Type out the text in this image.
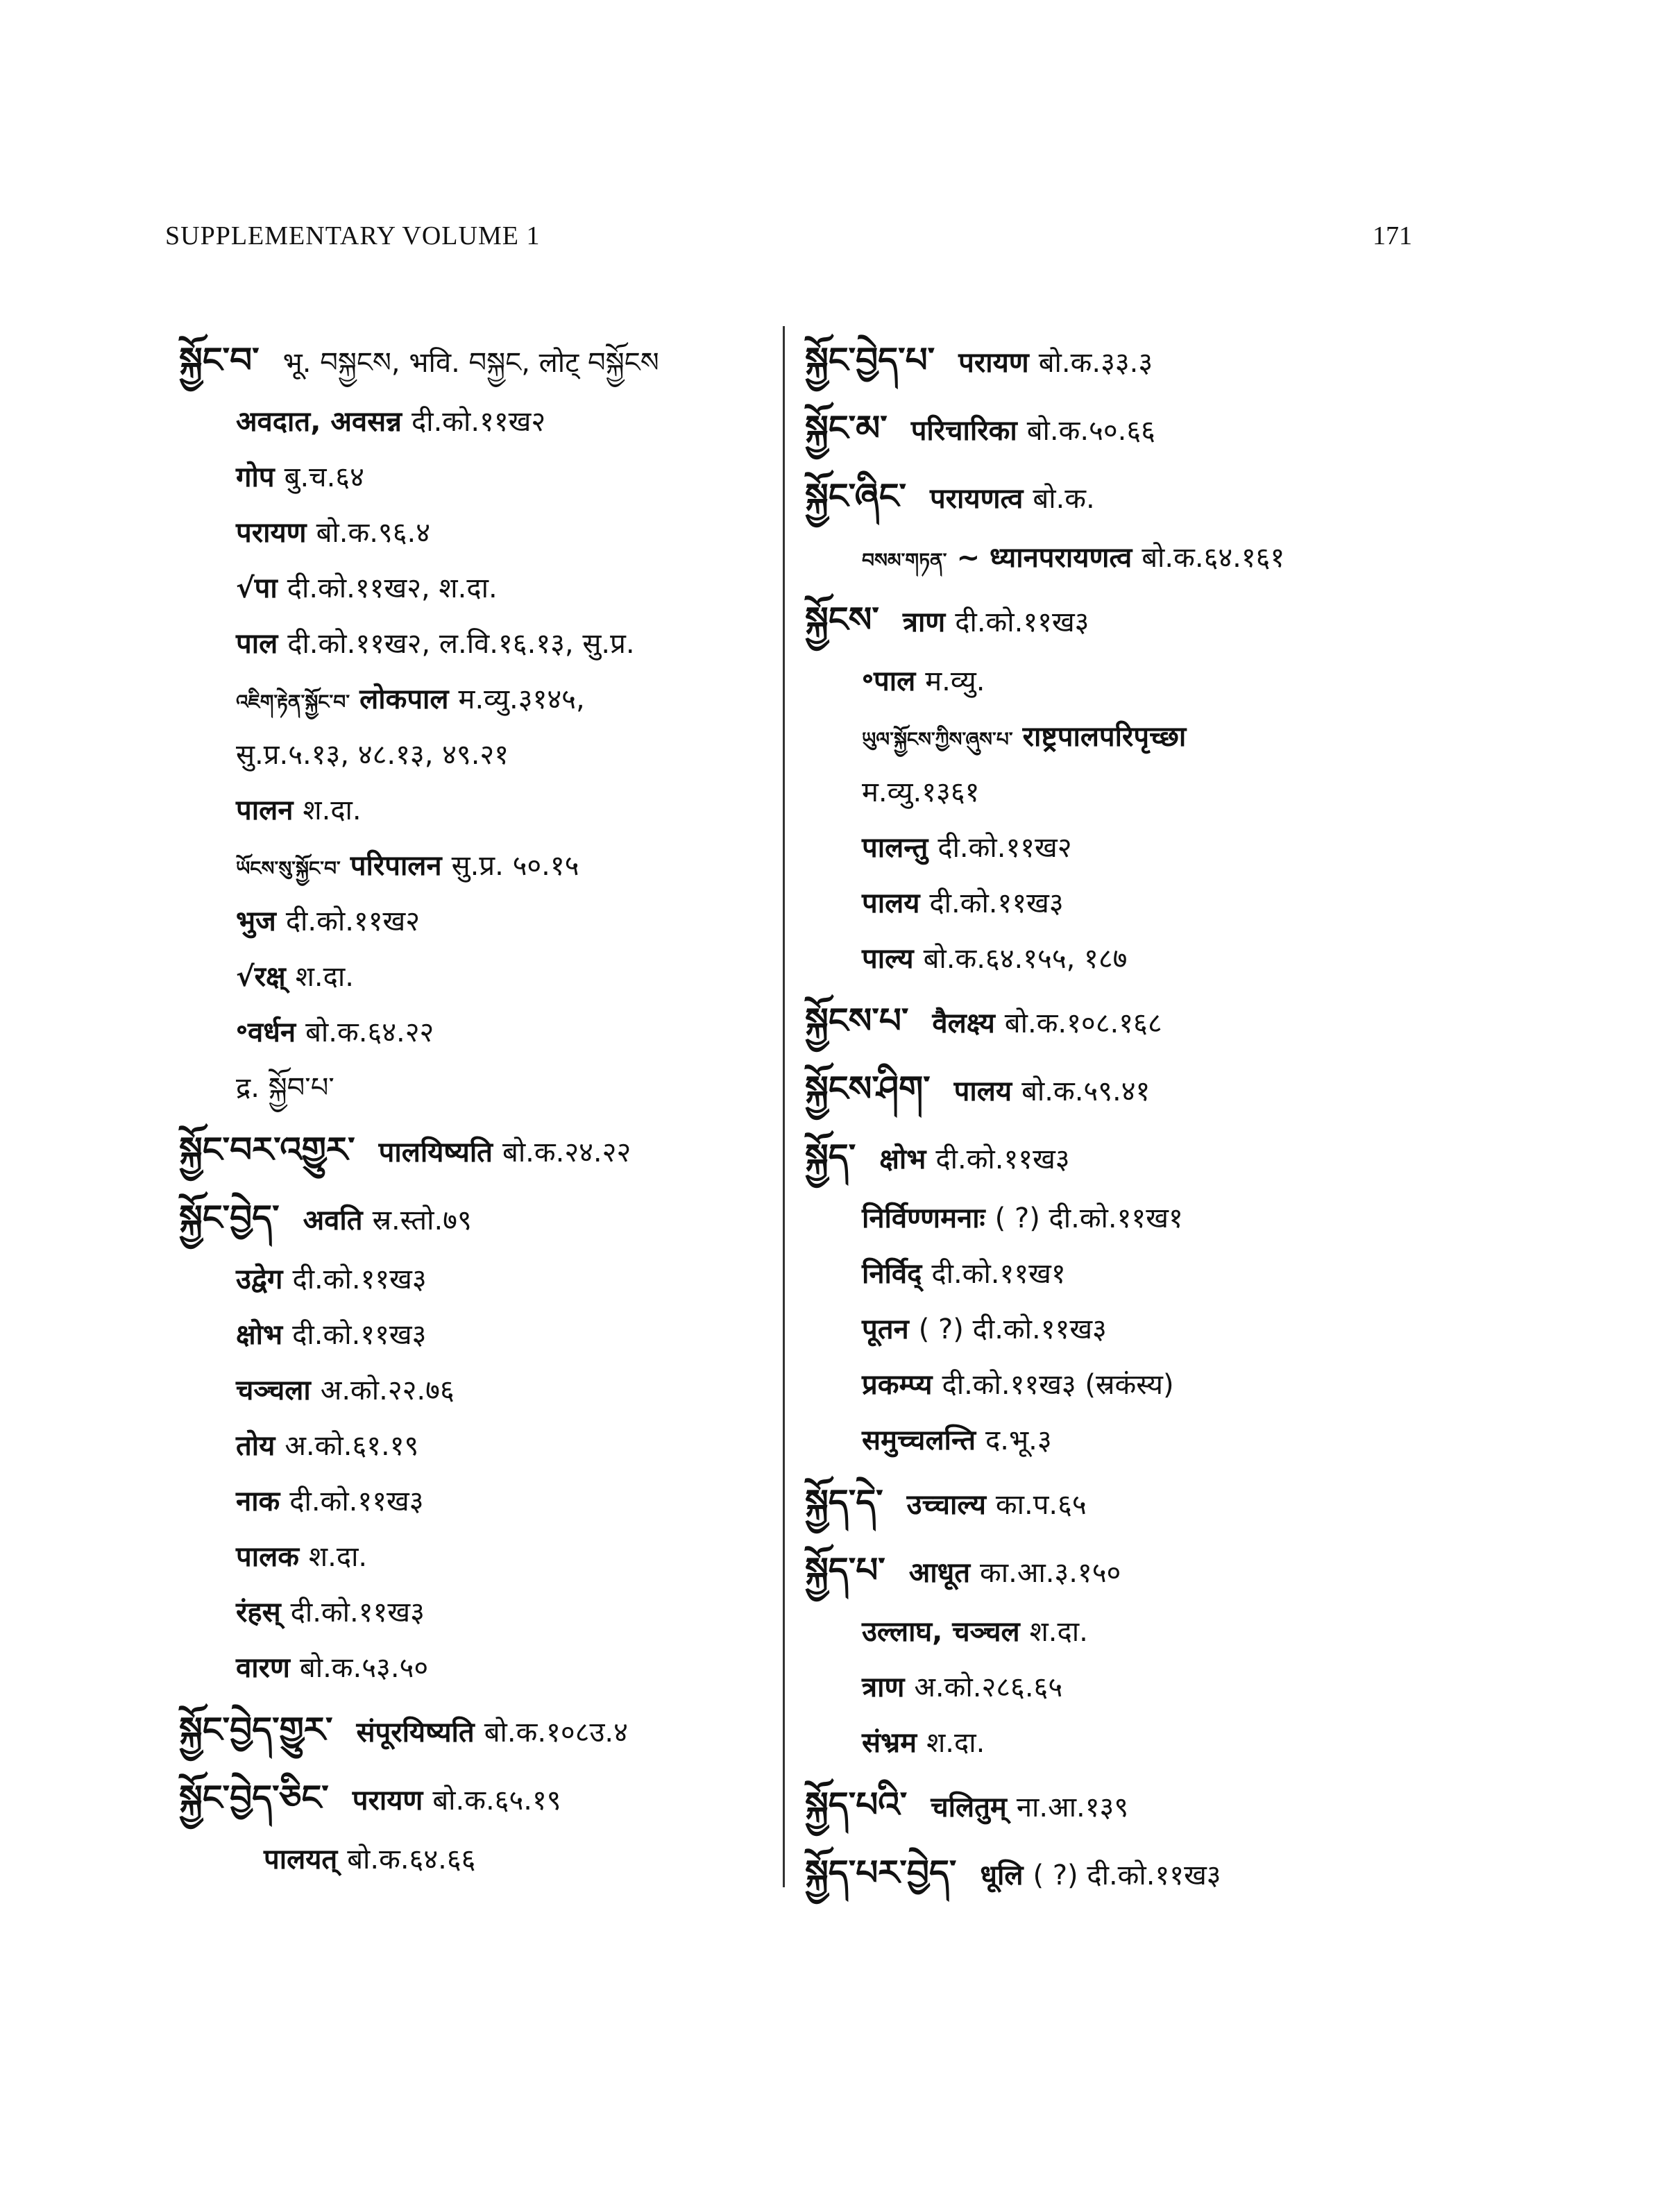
SUPPLEMENTARY VOLUME 1	171
སྐྱོང་བ་ भू. བསྐྱངས, भवि. བསྐྱང, लोट् བསྐྱོངས
अवदात, अवसन्न दी.को.११ख२
गोप बु.च.६४
परायण बो.क.९६.४
√पा दी.को.११ख२, श.दा.
पाल दी.को.११ख२, ल.वि.१६.१३, सु.प्र.
འཇིག་རྟེན་སྐྱོང་བ་ लोकपाल म.व्यु.३१४५,
सु.प्र.५.१३, ४८.१३, ४९.२१
पालन श.दा.
ཡོངས་སུ་སྐྱོང་བ་ परिपालन सु.प्र. ५०.१५
भुज दी.को.११ख२
√रक्ष् श.दा.
॰वर्धन बो.क.६४.२२
द्र. སྐྱོབ་པ་
སྐྱོང་བར་འགྱུར་ पालयिष्यति बो.क.२४.२२
སྐྱོང་བྱེད་ अवति स्र.स्तो.७९
उद्वेग दी.को.११ख३
क्षोभ दी.को.११ख३
चञ्चला अ.को.२२.७६
तोय अ.को.६१.१९
नाक दी.को.११ख३
पालक श.दा.
रंहस् दी.को.११ख३
वारण बो.क.५३.५०
སྐྱོང་བྱེད་གྱུར་ संपूरयिष्यति बो.क.१०८उ.४
སྐྱོང་བྱེད་ཅིང་ परायण बो.क.६५.१९
पालयत् बो.क.६४.६६
སྐྱོང་བྱེད་པ་ परायण बो.क.३३.३
སྐྱོང་མ་ परिचारिका बो.क.५०.६६
སྐྱོང་ཞིང་ परायणत्व बो.क.
བསམ་གཏན་ ~ ध्यानपरायणत्व बो.क.६४.१६१
སྐྱོངས་ त्राण दी.को.११ख३
॰पाल म.व्यु.
ཡུལ་སྐྱོངས་ཀྱིས་ཞུས་པ་ राष्ट्रपालपरिपृच्छा
म.व्यु.१३६१
पालन्तु दी.को.११ख२
पालय दी.को.११ख३
पाल्य बो.क.६४.१५५, १८७
སྐྱོངས་པ་ वैलक्ष्य बो.क.१०८.१६८
སྐྱོངས་ཤིག་ पालय बो.क.५९.४१
སྐྱོད་ क्षोभ दी.को.११ख३
निर्विण्णमनाः ( ?) दी.को.११ख१
निर्विद् दी.को.११ख१
पूतन ( ?) दी.को.११ख३
प्रकम्प्य दी.को.११ख३ (स्रकंस्य)
समुच्चलन्ति द.भू.३
སྐྱོད་དེ་ उच्चाल्य का.प.६५
སྐྱོད་པ་ आधूत का.आ.३.१५०
उल्लाघ, चञ्चल श.दा.
त्राण अ.को.२८६.६५
संभ्रम श.दा.
སྐྱོད་པའི་ चलितुम् ना.आ.१३९
སྐྱོད་པར་བྱེད་ धूलि ( ?) दी.को.११ख३
